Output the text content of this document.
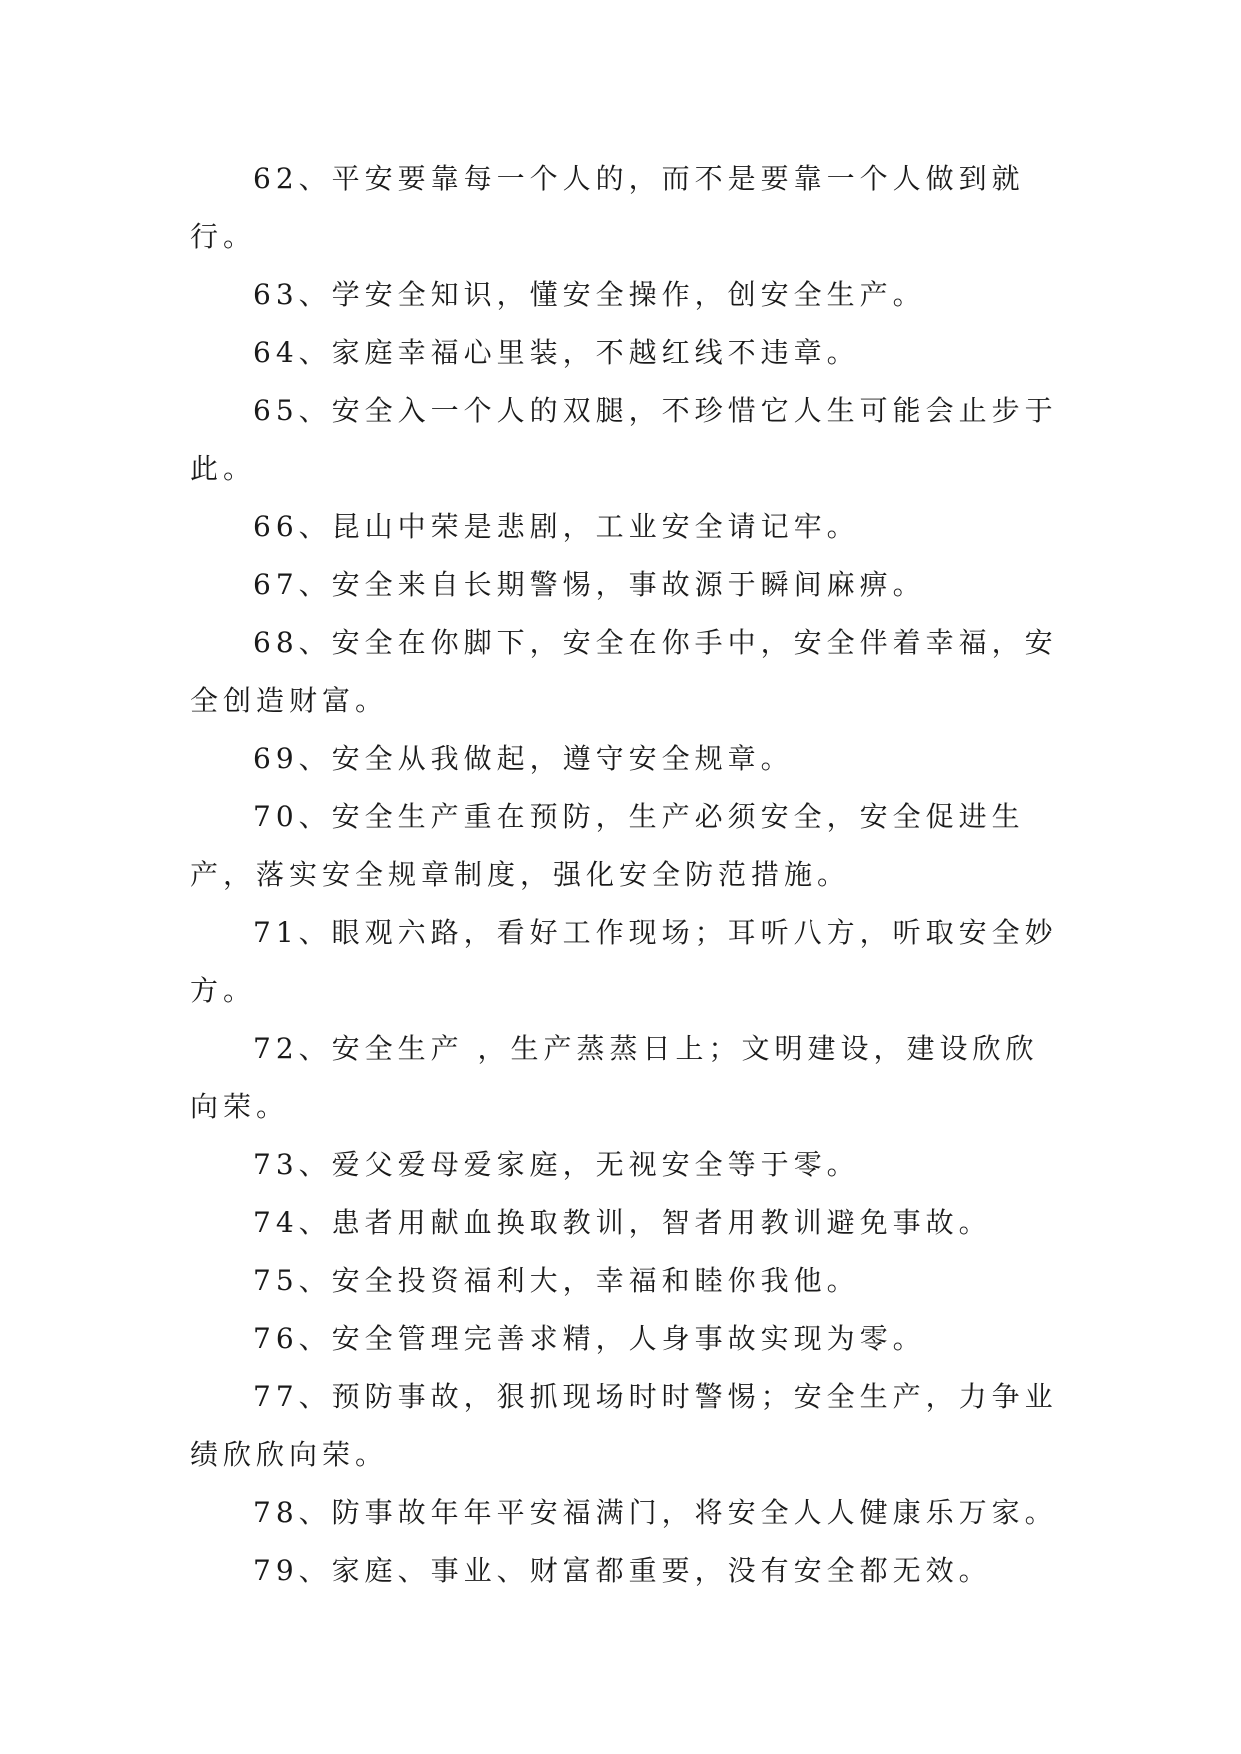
62、平安要靠每一个人的，而不是要靠一个人做到就行。

63、学安全知识，懂安全操作，创安全生产。

64、家庭幸福心里装，不越红线不违章。

65、安全入一个人的双腿，不珍惜它人生可能会止步于此。

66、昆山中荣是悲剧，工业安全请记牢。

67、安全来自长期警惕，事故源于瞬间麻痹。

68、安全在你脚下，安全在你手中，安全伴着幸福，安全创造财富。

69、安全从我做起，遵守安全规章。

70、安全生产重在预防，生产必须安全，安全促进生产，落实安全规章制度，强化安全防范措施。

71、眼观六路，看好工作现场；耳听八方，听取安全妙方。

72、安全生产 ，生产蒸蒸日上；文明建设，建设欣欣向荣。

73、爱父爱母爱家庭，无视安全等于零。

74、患者用献血换取教训，智者用教训避免事故。

75、安全投资福利大，幸福和睦你我他。

76、安全管理完善求精，人身事故实现为零。

77、预防事故，狠抓现场时时警惕；安全生产，力争业绩欣欣向荣。

78、防事故年年平安福满门，将安全人人健康乐万家。

79、家庭、事业、财富都重要，没有安全都无效。
